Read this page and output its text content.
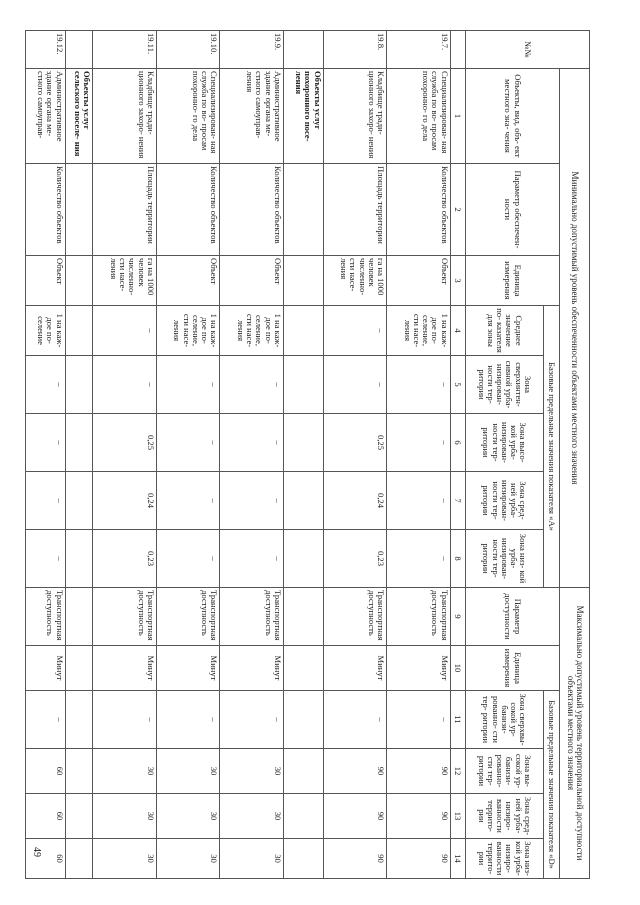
№№	Минимально допустимый уровень обеспеченности объектами местного значения								Максимально допустимый уровень территориальной доступности объектами местного значения					
	Объекты, вид, объ- ект местного зна- чения	Параметр обеспечен- ности	Единица измерения	Базовые предельные значения показателя «A»					Параметр доступности	Единица измерения	Базовые предельные значения показателя «D»			
				Среднее значение по- казателя для зоны	Зона сверхинтен- сивной урба- низирован- ности тер- ритории	Зона высо- кой урба- низирован- ности тер- ритории	Зона сред- ней урба- низирован- ности тер- ритории	Зона низ- кой урба- низирован- ности тер- ритории			Зона сверхвы- сокой ур- банизи- рованно- сти тер- ритории	Зона вы- сокой ур- банизи- рованно- сти тер- ритории	Зона сред- ней урба- низиро- ванности террито- рии	Зона низ- кой урба- низиро- ванности террито- рии
	1	2	3	4	5	6	7	8	9	10	11	12	13	14
19.7.	Специализирован- ная служба по во- просам похоронно- го дела	Количество объектов	Объект	1 на каж- дое по- селение, сти насе- ления	–	–	–	–	Транспортная доступность	Минут	–	90	90	90
19.8.	Кладбище тради- ционного захоро- нения	Площадь территории	га на 1000 человек численно- сти насе- ления	–	–	0,25	0,24	0,23	Транспортная доступность	Минут	–	90	90	90
	Объекты услуг похоронного посе- ления													
19.9.	Административное здание органа ме- стного самоуправ- ления	Количество объектов	Объект	1 на каж- дое по- селение, сти насе- ления	–	–	–	–	Транспортная доступность	Минут	–	30	30	30
19.10.	Специализирован- ная служба по во- просам похоронно- го дела	Количество объектов	Объект	1 на каж- дое по- селение, сти насе- ления	–	–	–	–	Транспортная доступность	Минут	–	30	30	30
19.11.	Кладбище тради- ционного захоро- нения	Площадь территории	га на 1000 человек численно- сти насе- ления	–	–	0,25	0,24	0,23	Транспортная доступность	Минут	–	30	30	30
	Объекты услуг сельского поселе- ния													
19.12.	Административное здание органа ме- стного самоуправ-	Количество объектов	Объект	1 на каж- дое по- селение	–	–	–	–	Транспортная доступность	Минут	–	60	60	60
49
